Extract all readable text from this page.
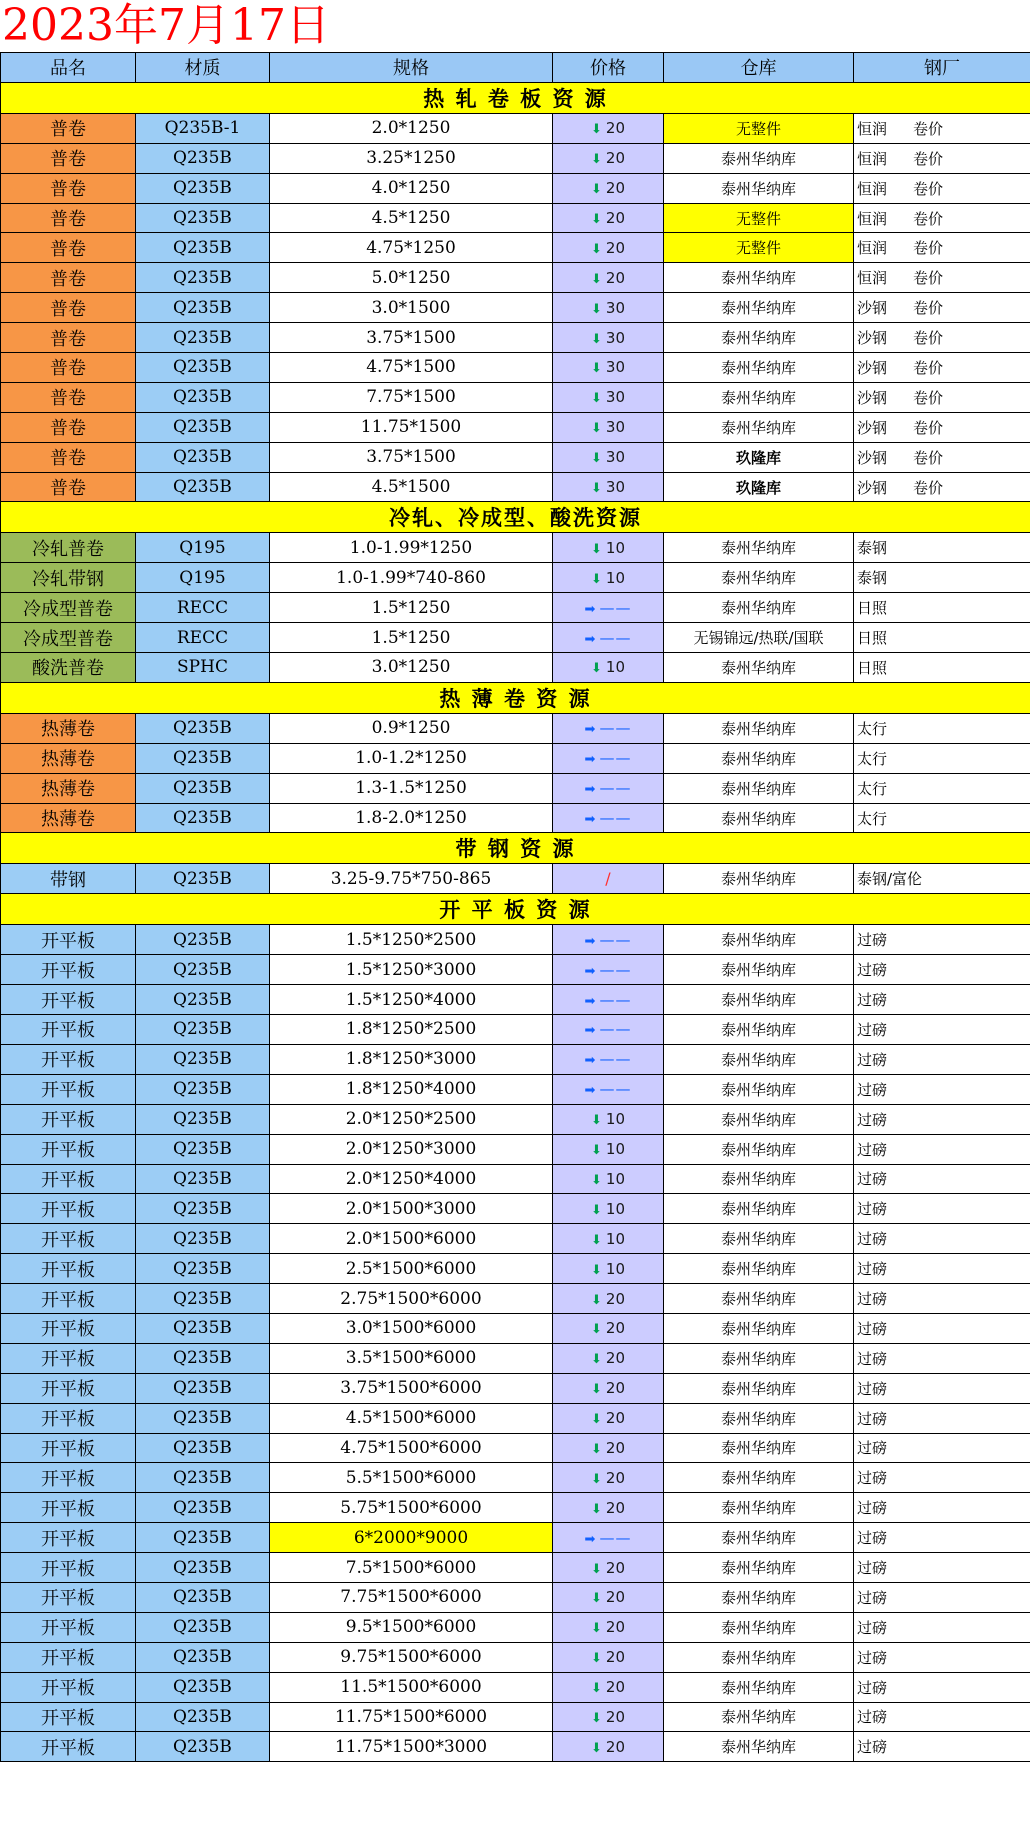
2023年7月17日
品名	材质	规格	价格	仓库	钢厂
热 轧 卷 板 资 源					
普卷	Q235B-1	2.0*1250	⬇ 20	无整件	恒润 卷价
普卷	Q235B	3.25*1250	⬇ 20	泰州华纳库	恒润 卷价
普卷	Q235B	4.0*1250	⬇ 20	泰州华纳库	恒润 卷价
普卷	Q235B	4.5*1250	⬇ 20	无整件	恒润 卷价
普卷	Q235B	4.75*1250	⬇ 20	无整件	恒润 卷价
普卷	Q235B	5.0*1250	⬇ 20	泰州华纳库	恒润 卷价
普卷	Q235B	3.0*1500	⬇ 30	泰州华纳库	沙钢 卷价
普卷	Q235B	3.75*1500	⬇ 30	泰州华纳库	沙钢 卷价
普卷	Q235B	4.75*1500	⬇ 30	泰州华纳库	沙钢 卷价
普卷	Q235B	7.75*1500	⬇ 30	泰州华纳库	沙钢 卷价
普卷	Q235B	11.75*1500	⬇ 30	泰州华纳库	沙钢 卷价
普卷	Q235B	3.75*1500	⬇ 30	玖隆库	沙钢 卷价
普卷	Q235B	4.5*1500	⬇ 30	玖隆库	沙钢 卷价
冷轧、冷成型、酸洗资源					
冷轧普卷	Q195	1.0-1.99*1250	⬇ 10	泰州华纳库	泰钢
冷轧带钢	Q195	1.0-1.99*740-860	⬇ 10	泰州华纳库	泰钢
冷成型普卷	RECC	1.5*1250	➡ ——	泰州华纳库	日照
冷成型普卷	RECC	1.5*1250	➡ ——	无锡锦远/热联/国联	日照
酸洗普卷	SPHC	3.0*1250	⬇ 10	泰州华纳库	日照
热 薄 卷 资 源					
热薄卷	Q235B	0.9*1250	➡ ——	泰州华纳库	太行
热薄卷	Q235B	1.0-1.2*1250	➡ ——	泰州华纳库	太行
热薄卷	Q235B	1.3-1.5*1250	➡ ——	泰州华纳库	太行
热薄卷	Q235B	1.8-2.0*1250	➡ ——	泰州华纳库	太行
带 钢 资 源					
带钢	Q235B	3.25-9.75*750-865	/	泰州华纳库	泰钢/富伦
开 平 板 资 源					
开平板	Q235B	1.5*1250*2500	➡ ——	泰州华纳库	过磅
开平板	Q235B	1.5*1250*3000	➡ ——	泰州华纳库	过磅
开平板	Q235B	1.5*1250*4000	➡ ——	泰州华纳库	过磅
开平板	Q235B	1.8*1250*2500	➡ ——	泰州华纳库	过磅
开平板	Q235B	1.8*1250*3000	➡ ——	泰州华纳库	过磅
开平板	Q235B	1.8*1250*4000	➡ ——	泰州华纳库	过磅
开平板	Q235B	2.0*1250*2500	⬇ 10	泰州华纳库	过磅
开平板	Q235B	2.0*1250*3000	⬇ 10	泰州华纳库	过磅
开平板	Q235B	2.0*1250*4000	⬇ 10	泰州华纳库	过磅
开平板	Q235B	2.0*1500*3000	⬇ 10	泰州华纳库	过磅
开平板	Q235B	2.0*1500*6000	⬇ 10	泰州华纳库	过磅
开平板	Q235B	2.5*1500*6000	⬇ 10	泰州华纳库	过磅
开平板	Q235B	2.75*1500*6000	⬇ 20	泰州华纳库	过磅
开平板	Q235B	3.0*1500*6000	⬇ 20	泰州华纳库	过磅
开平板	Q235B	3.5*1500*6000	⬇ 20	泰州华纳库	过磅
开平板	Q235B	3.75*1500*6000	⬇ 20	泰州华纳库	过磅
开平板	Q235B	4.5*1500*6000	⬇ 20	泰州华纳库	过磅
开平板	Q235B	4.75*1500*6000	⬇ 20	泰州华纳库	过磅
开平板	Q235B	5.5*1500*6000	⬇ 20	泰州华纳库	过磅
开平板	Q235B	5.75*1500*6000	⬇ 20	泰州华纳库	过磅
开平板	Q235B	6*2000*9000	➡ ——	泰州华纳库	过磅
开平板	Q235B	7.5*1500*6000	⬇ 20	泰州华纳库	过磅
开平板	Q235B	7.75*1500*6000	⬇ 20	泰州华纳库	过磅
开平板	Q235B	9.5*1500*6000	⬇ 20	泰州华纳库	过磅
开平板	Q235B	9.75*1500*6000	⬇ 20	泰州华纳库	过磅
开平板	Q235B	11.5*1500*6000	⬇ 20	泰州华纳库	过磅
开平板	Q235B	11.75*1500*6000	⬇ 20	泰州华纳库	过磅
开平板	Q235B	11.75*1500*3000	⬇ 20	泰州华纳库	过磅
